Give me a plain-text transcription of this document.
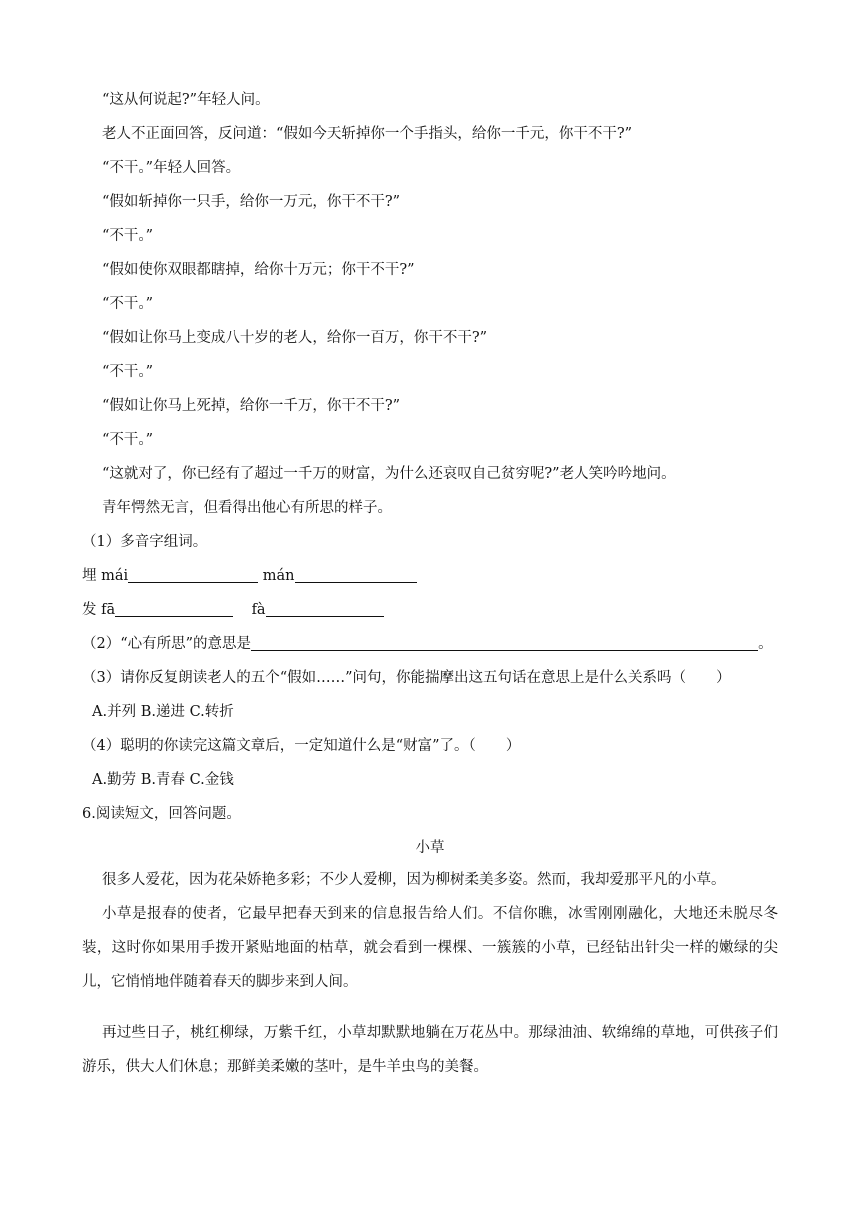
“这从何说起?”年轻人问。
老人不正面回答，反问道：“假如今天斩掉你一个手指头，给你一千元，你干不干?”
“不干。”年轻人回答。
“假如斩掉你一只手，给你一万元，你干不干?”
“不干。”
“假如使你双眼都瞎掉，给你十万元；你干不干?”
“不干。”
“假如让你马上变成八十岁的老人，给你一百万，你干不干?”
“不干。”
“假如让你马上死掉，给你一千万，你干不干?”
“不干。”
“这就对了，你已经有了超过一千万的财富，为什么还哀叹自己贫穷呢?”老人笑吟吟地问。
青年愕然无言，但看得出他心有所思的样子。
（1）多音字组词。
埋 mái	mán
发 fā	fà
（2）“心有所思”的意思是	。
（3）请你反复朗读老人的五个“假如……”问句，你能揣摩出这五句话在意思上是什么关系吗（ ）
A.并列 B.递进 C.转折
（4）聪明的你读完这篇文章后，一定知道什么是“财富”了。（ ）
A.勤劳 B.青春 C.金钱
6.阅读短文，回答问题。
小草
很多人爱花，因为花朵娇艳多彩；不少人爱柳，因为柳树柔美多姿。然而，我却爱那平凡的小草。
小草是报春的使者，它最早把春天到来的信息报告给人们。不信你瞧，冰雪刚刚融化，大地还未脱尽冬装，这时你如果用手拨开紧贴地面的枯草，就会看到一棵棵、一簇簇的小草，已经钻出针尖一样的嫩绿的尖儿，它悄悄地伴随着春天的脚步来到人间。
再过些日子，桃红柳绿，万紫千红，小草却默默地躺在万花丛中。那绿油油、软绵绵的草地，可供孩子们游乐，供大人们休息；那鲜美柔嫩的茎叶，是牛羊虫鸟的美餐。
